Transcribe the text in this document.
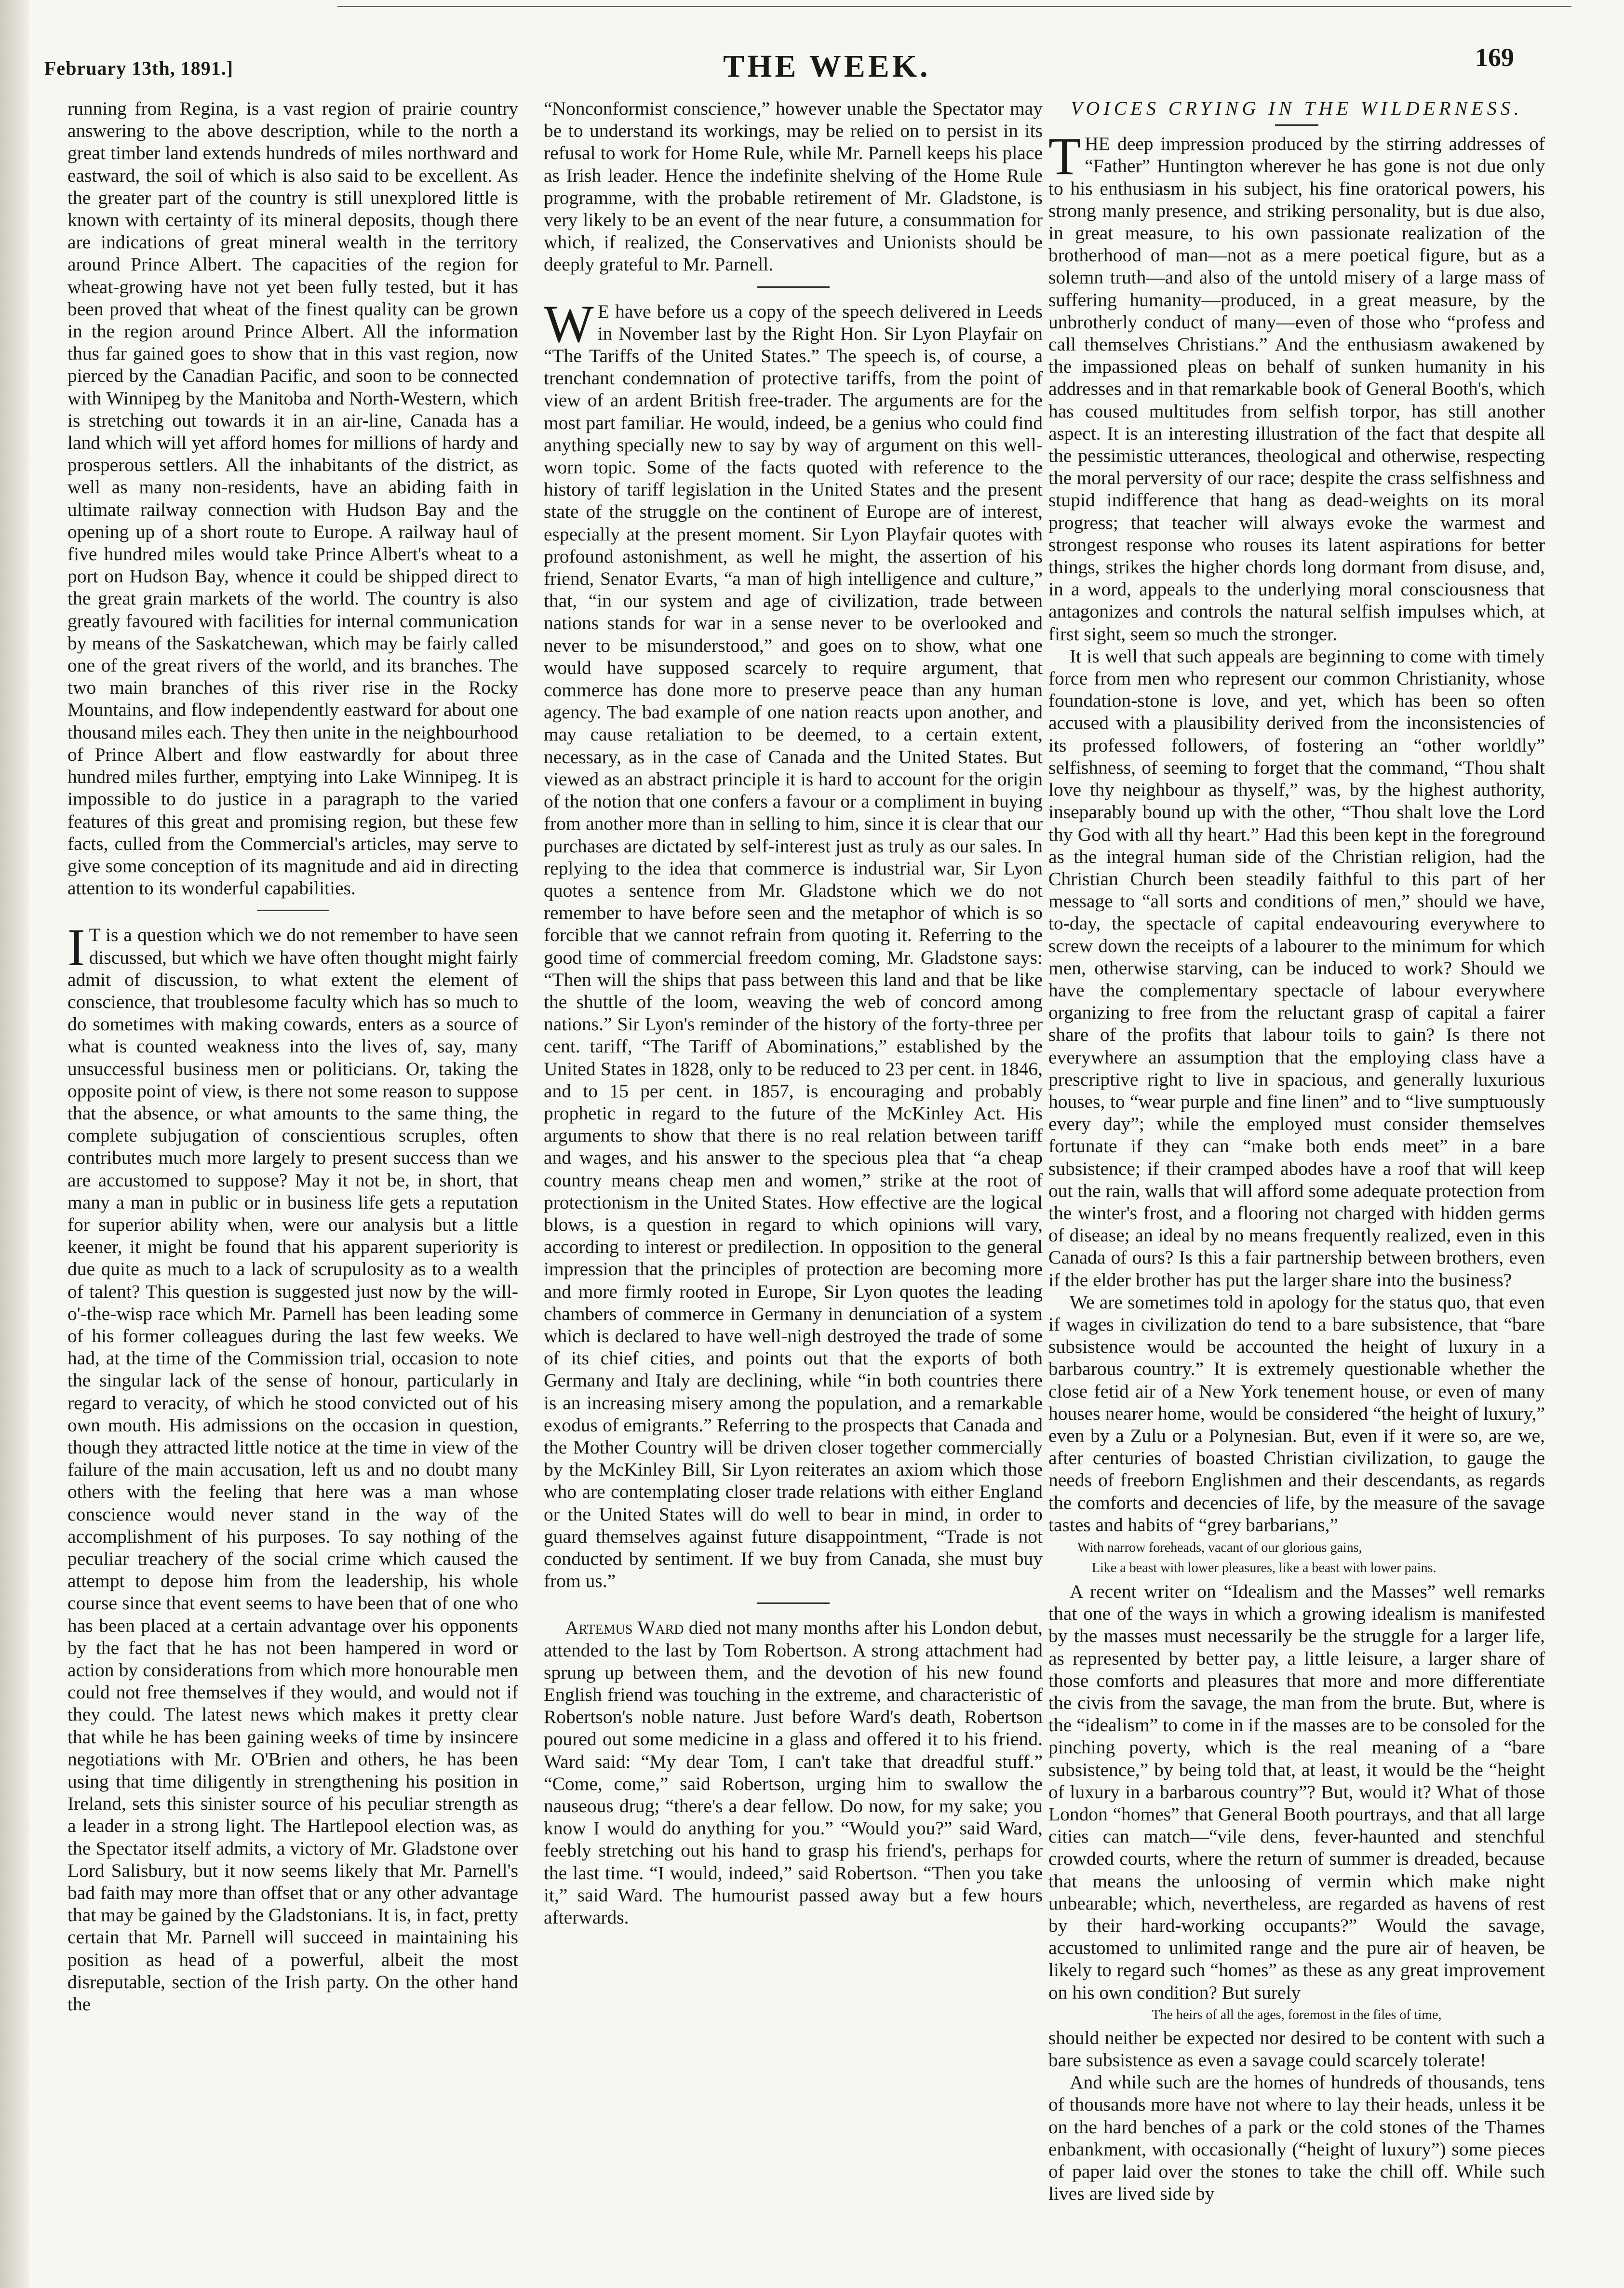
February 13th, 1891.]	THE WEEK.	169

running from Regina, is a vast region of prairie country answering to the above description, while to the north a great timber land extends hundreds of miles northward and eastward, the soil of which is also said to be excellent. As the greater part of the country is still unexplored little is known with certainty of its mineral deposits, though there are indications of great mineral wealth in the territory around Prince Albert. The capacities of the region for wheat-growing have not yet been fully tested, but it has been proved that wheat of the finest quality can be grown in the region around Prince Albert. All the information thus far gained goes to show that in this vast region, now pierced by the Canadian Pacific, and soon to be connected with Winnipeg by the Manitoba and North-Western, which is stretching out towards it in an air-line, Canada has a land which will yet afford homes for millions of hardy and prosperous settlers. All the inhabitants of the district, as well as many non-residents, have an abiding faith in ultimate railway connection with Hudson Bay and the opening up of a short route to Europe. A railway haul of five hundred miles would take Prince Albert's wheat to a port on Hudson Bay, whence it could be shipped direct to the great grain markets of the world. The country is also greatly favoured with facilities for internal communication by means of the Saskatchewan, which may be fairly called one of the great rivers of the world, and its branches. The two main branches of this river rise in the Rocky Mountains, and flow independently eastward for about one thousand miles each. They then unite in the neighbourhood of Prince Albert and flow eastwardly for about three hundred miles further, emptying into Lake Winnipeg. It is impossible to do justice in a paragraph to the varied features of this great and promising region, but these few facts, culled from the Commercial's articles, may serve to give some conception of its magnitude and aid in directing attention to its wonderful capabilities.

I T is a question which we do not remember to have seen discussed, but which we have often thought might fairly admit of discussion, to what extent the element of conscience, that troublesome faculty which has so much to do sometimes with making cowards, enters as a source of what is counted weakness into the lives of, say, many unsuccessful business men or politicians. Or, taking the opposite point of view, is there not some reason to suppose that the absence, or what amounts to the same thing, the complete subjugation of conscientious scruples, often contributes much more largely to present success than we are accustomed to suppose? May it not be, in short, that many a man in public or in business life gets a reputation for superior ability when, were our analysis but a little keener, it might be found that his apparent superiority is due quite as much to a lack of scrupulosity as to a wealth of talent? This question is suggested just now by the will-o'-the-wisp race which Mr. Parnell has been leading some of his former colleagues during the last few weeks. We had, at the time of the Commission trial, occasion to note the singular lack of the sense of honour, particularly in regard to veracity, of which he stood convicted out of his own mouth. His admissions on the occasion in question, though they attracted little notice at the time in view of the failure of the main accusation, left us and no doubt many others with the feeling that here was a man whose conscience would never stand in the way of the accomplishment of his purposes. To say nothing of the peculiar treachery of the social crime which caused the attempt to depose him from the leadership, his whole course since that event seems to have been that of one who has been placed at a certain advantage over his opponents by the fact that he has not been hampered in word or action by considerations from which more honourable men could not free themselves if they would, and would not if they could. The latest news which makes it pretty clear that while he has been gaining weeks of time by insincere negotiations with Mr. O'Brien and others, he has been using that time diligently in strengthening his position in Ireland, sets this sinister source of his peculiar strength as a leader in a strong light. The Hartlepool election was, as the Spectator itself admits, a victory of Mr. Gladstone over Lord Salisbury, but it now seems likely that Mr. Parnell's bad faith may more than offset that or any other advantage that may be gained by the Gladstonians. It is, in fact, pretty certain that Mr. Parnell will succeed in maintaining his position as head of a powerful, albeit the most disreputable, section of the Irish party. On the other hand the

“Nonconformist conscience,” however unable the Spectator may be to understand its workings, may be relied on to persist in its refusal to work for Home Rule, while Mr. Parnell keeps his place as Irish leader. Hence the indefinite shelving of the Home Rule programme, with the probable retirement of Mr. Gladstone, is very likely to be an event of the near future, a consummation for which, if realized, the Conservatives and Unionists should be deeply grateful to Mr. Parnell.

W E have before us a copy of the speech delivered in Leeds in November last by the Right Hon. Sir Lyon Playfair on “The Tariffs of the United States.” The speech is, of course, a trenchant condemnation of protective tariffs, from the point of view of an ardent British free-trader. The arguments are for the most part familiar. He would, indeed, be a genius who could find anything specially new to say by way of argument on this well-worn topic. Some of the facts quoted with reference to the history of tariff legislation in the United States and the present state of the struggle on the continent of Europe are of interest, especially at the present moment. Sir Lyon Playfair quotes with profound astonishment, as well he might, the assertion of his friend, Senator Evarts, “a man of high intelligence and culture,” that, “in our system and age of civilization, trade between nations stands for war in a sense never to be overlooked and never to be misunderstood,” and goes on to show, what one would have supposed scarcely to require argument, that commerce has done more to preserve peace than any human agency. The bad example of one nation reacts upon another, and may cause retaliation to be deemed, to a certain extent, necessary, as in the case of Canada and the United States. But viewed as an abstract principle it is hard to account for the origin of the notion that one confers a favour or a compliment in buying from another more than in selling to him, since it is clear that our purchases are dictated by self-interest just as truly as our sales. In replying to the idea that commerce is industrial war, Sir Lyon quotes a sentence from Mr. Gladstone which we do not remember to have before seen and the metaphor of which is so forcible that we cannot refrain from quoting it. Referring to the good time of commercial freedom coming, Mr. Gladstone says: “Then will the ships that pass between this land and that be like the shuttle of the loom, weaving the web of concord among nations.” Sir Lyon's reminder of the history of the forty-three per cent. tariff, “The Tariff of Abominations,” established by the United States in 1828, only to be reduced to 23 per cent. in 1846, and to 15 per cent. in 1857, is encouraging and probably prophetic in regard to the future of the McKinley Act. His arguments to show that there is no real relation between tariff and wages, and his answer to the specious plea that “a cheap country means cheap men and women,” strike at the root of protectionism in the United States. How effective are the logical blows, is a question in regard to which opinions will vary, according to interest or predilection. In opposition to the general impression that the principles of protection are becoming more and more firmly rooted in Europe, Sir Lyon quotes the leading chambers of commerce in Germany in denunciation of a system which is declared to have well-nigh destroyed the trade of some of its chief cities, and points out that the exports of both Germany and Italy are declining, while “in both countries there is an increasing misery among the population, and a remarkable exodus of emigrants.” Referring to the prospects that Canada and the Mother Country will be driven closer together commercially by the McKinley Bill, Sir Lyon reiterates an axiom which those who are contemplating closer trade relations with either England or the United States will do well to bear in mind, in order to guard themselves against future disappointment, “Trade is not conducted by sentiment. If we buy from Canada, she must buy from us.”

Artemus Ward died not many months after his London debut, attended to the last by Tom Robertson. A strong attachment had sprung up between them, and the devotion of his new found English friend was touching in the extreme, and characteristic of Robertson's noble nature. Just before Ward's death, Robertson poured out some medicine in a glass and offered it to his friend. Ward said: “My dear Tom, I can't take that dreadful stuff.” “Come, come,” said Robertson, urging him to swallow the nauseous drug; “there's a dear fellow. Do now, for my sake; you know I would do anything for you.” “Would you?” said Ward, feebly stretching out his hand to grasp his friend's, perhaps for the last time. “I would, indeed,” said Robertson. “Then you take it,” said Ward. The humourist passed away but a few hours afterwards.

VOICES CRYING IN THE WILDERNESS.

THE deep impression produced by the stirring addresses of “Father” Huntington wherever he has gone is not due only to his enthusiasm in his subject, his fine oratorical powers, his strong manly presence, and striking personality, but is due also, in great measure, to his own passionate realization of the brotherhood of man—not as a mere poetical figure, but as a solemn truth—and also of the untold misery of a large mass of suffering humanity—produced, in a great measure, by the unbrotherly conduct of many—even of those who “profess and call themselves Christians.” And the enthusiasm awakened by the impassioned pleas on behalf of sunken humanity in his addresses and in that remarkable book of General Booth's, which has coused multitudes from selfish torpor, has still another aspect. It is an interesting illustration of the fact that despite all the pessimistic utterances, theological and otherwise, respecting the moral perversity of our race; despite the crass selfishness and stupid indifference that hang as dead-weights on its moral progress; that teacher will always evoke the warmest and strongest response who rouses its latent aspirations for better things, strikes the higher chords long dormant from disuse, and, in a word, appeals to the underlying moral consciousness that antagonizes and controls the natural selfish impulses which, at first sight, seem so much the stronger.

It is well that such appeals are beginning to come with timely force from men who represent our common Christianity, whose foundation-stone is love, and yet, which has been so often accused with a plausibility derived from the inconsistencies of its professed followers, of fostering an “other worldly” selfishness, of seeming to forget that the command, “Thou shalt love thy neighbour as thyself,” was, by the highest authority, inseparably bound up with the other, “Thou shalt love the Lord thy God with all thy heart.” Had this been kept in the foreground as the integral human side of the Christian religion, had the Christian Church been steadily faithful to this part of her message to “all sorts and conditions of men,” should we have, to-day, the spectacle of capital endeavouring everywhere to screw down the receipts of a labourer to the minimum for which men, otherwise starving, can be induced to work? Should we have the complementary spectacle of labour everywhere organizing to free from the reluctant grasp of capital a fairer share of the profits that labour toils to gain? Is there not everywhere an assumption that the employing class have a prescriptive right to live in spacious, and generally luxurious houses, to “wear purple and fine linen” and to “live sumptuously every day”; while the employed must consider themselves fortunate if they can “make both ends meet” in a bare subsistence; if their cramped abodes have a roof that will keep out the rain, walls that will afford some adequate protection from the winter's frost, and a flooring not charged with hidden germs of disease; an ideal by no means frequently realized, even in this Canada of ours? Is this a fair partnership between brothers, even if the elder brother has put the larger share into the business?

We are sometimes told in apology for the status quo, that even if wages in civilization do tend to a bare subsistence, that “bare subsistence would be accounted the height of luxury in a barbarous country.” It is extremely questionable whether the close fetid air of a New York tenement house, or even of many houses nearer home, would be considered “the height of luxury,” even by a Zulu or a Polynesian. But, even if it were so, are we, after centuries of boasted Christian civilization, to gauge the needs of freeborn Englishmen and their descendants, as regards the comforts and decencies of life, by the measure of the savage tastes and habits of “grey barbarians,”

With narrow foreheads, vacant of our glorious gains,
Like a beast with lower pleasures, like a beast with lower pains.

A recent writer on “Idealism and the Masses” well remarks that one of the ways in which a growing idealism is manifested by the masses must necessarily be the struggle for a larger life, as represented by better pay, a little leisure, a larger share of those comforts and pleasures that more and more differentiate the civis from the savage, the man from the brute. But, where is the “idealism” to come in if the masses are to be consoled for the pinching poverty, which is the real meaning of a “bare subsistence,” by being told that, at least, it would be the “height of luxury in a barbarous country”? But, would it? What of those London “homes” that General Booth pourtrays, and that all large cities can match—“vile dens, fever-haunted and stenchful crowded courts, where the return of summer is dreaded, because that means the unloosing of vermin which make night unbearable; which, nevertheless, are regarded as havens of rest by their hard-working occupants?” Would the savage, accustomed to unlimited range and the pure air of heaven, be likely to regard such “homes” as these as any great improvement on his own condition? But surely

The heirs of all the ages, foremost in the files of time,

should neither be expected nor desired to be content with such a bare subsistence as even a savage could scarcely tolerate!

And while such are the homes of hundreds of thousands, tens of thousands more have not where to lay their heads, unless it be on the hard benches of a park or the cold stones of the Thames enbankment, with occasionally (“height of luxury”) some pieces of paper laid over the stones to take the chill off. While such lives are lived side by
